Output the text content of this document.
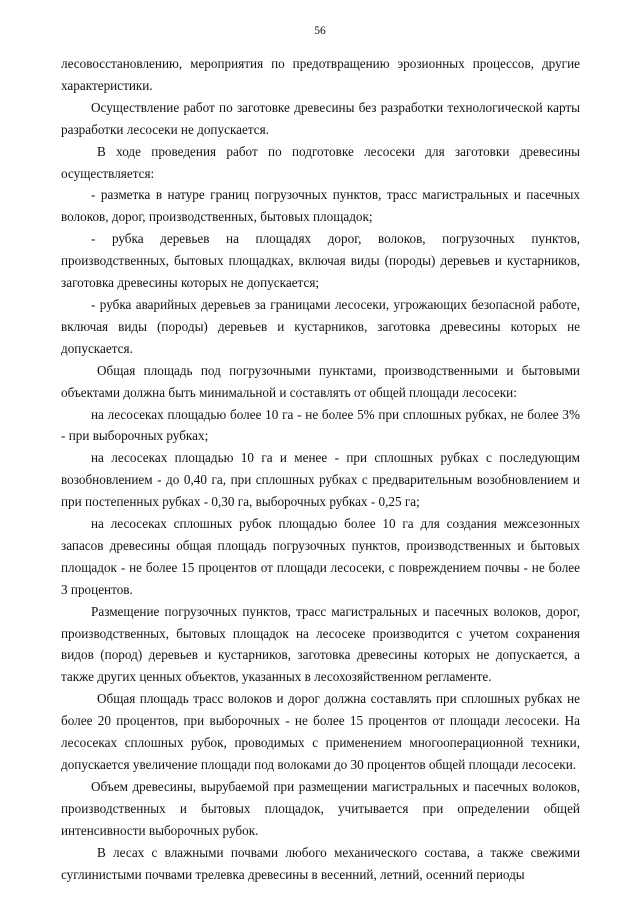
56

лесовосстановлению, мероприятия по предотвращению эрозионных процессов, другие характеристики.

Осуществление работ по заготовке древесины без разработки технологической карты разработки лесосеки не допускается.

В ходе проведения работ по подготовке лесосеки для заготовки древесины осуществляется:

- разметка в натуре границ погрузочных пунктов, трасс магистральных и пасечных волоков, дорог, производственных, бытовых площадок;

- рубка деревьев на площадях дорог, волоков, погрузочных пунктов, производственных, бытовых площадках, включая виды (породы) деревьев и кустарников, заготовка древесины которых не допускается;

- рубка аварийных деревьев за границами лесосеки, угрожающих безопасной работе, включая виды (породы) деревьев и кустарников, заготовка древесины которых не допускается.

Общая площадь под погрузочными пунктами, производственными и бытовыми объектами должна быть минимальной и составлять от общей площади лесосеки:

на лесосеках площадью более 10 га - не более 5% при сплошных рубках, не более 3% - при выборочных рубках;

на лесосеках площадью 10 га и менее - при сплошных рубках с последующим возобновлением - до 0,40 га, при сплошных рубках с предварительным возобновлением и при постепенных рубках - 0,30 га, выборочных рубках - 0,25 га;

на лесосеках сплошных рубок площадью более 10 га для создания межсезонных запасов древесины общая площадь погрузочных пунктов, производственных и бытовых площадок - не более 15 процентов от площади лесосеки, с повреждением почвы - не более 3 процентов.

Размещение погрузочных пунктов, трасс магистральных и пасечных волоков, дорог, производственных, бытовых площадок на лесосеке производится с учетом сохранения видов (пород) деревьев и кустарников, заготовка древесины которых не допускается, а также других ценных объектов, указанных в лесохозяйственном регламенте.

Общая площадь трасс волоков и дорог должна составлять при сплошных рубках не более 20 процентов, при выборочных - не более 15 процентов от площади лесосеки. На лесосеках сплошных рубок, проводимых с применением многооперационной техники, допускается увеличение площади под волоками до 30 процентов общей площади лесосеки.

Объем древесины, вырубаемой при размещении магистральных и пасечных волоков, производственных и бытовых площадок, учитывается при определении общей интенсивности выборочных рубок.

В лесах с влажными почвами любого механического состава, а также свежими суглинистыми почвами трелевка древесины в весенний, летний, осенний периоды
